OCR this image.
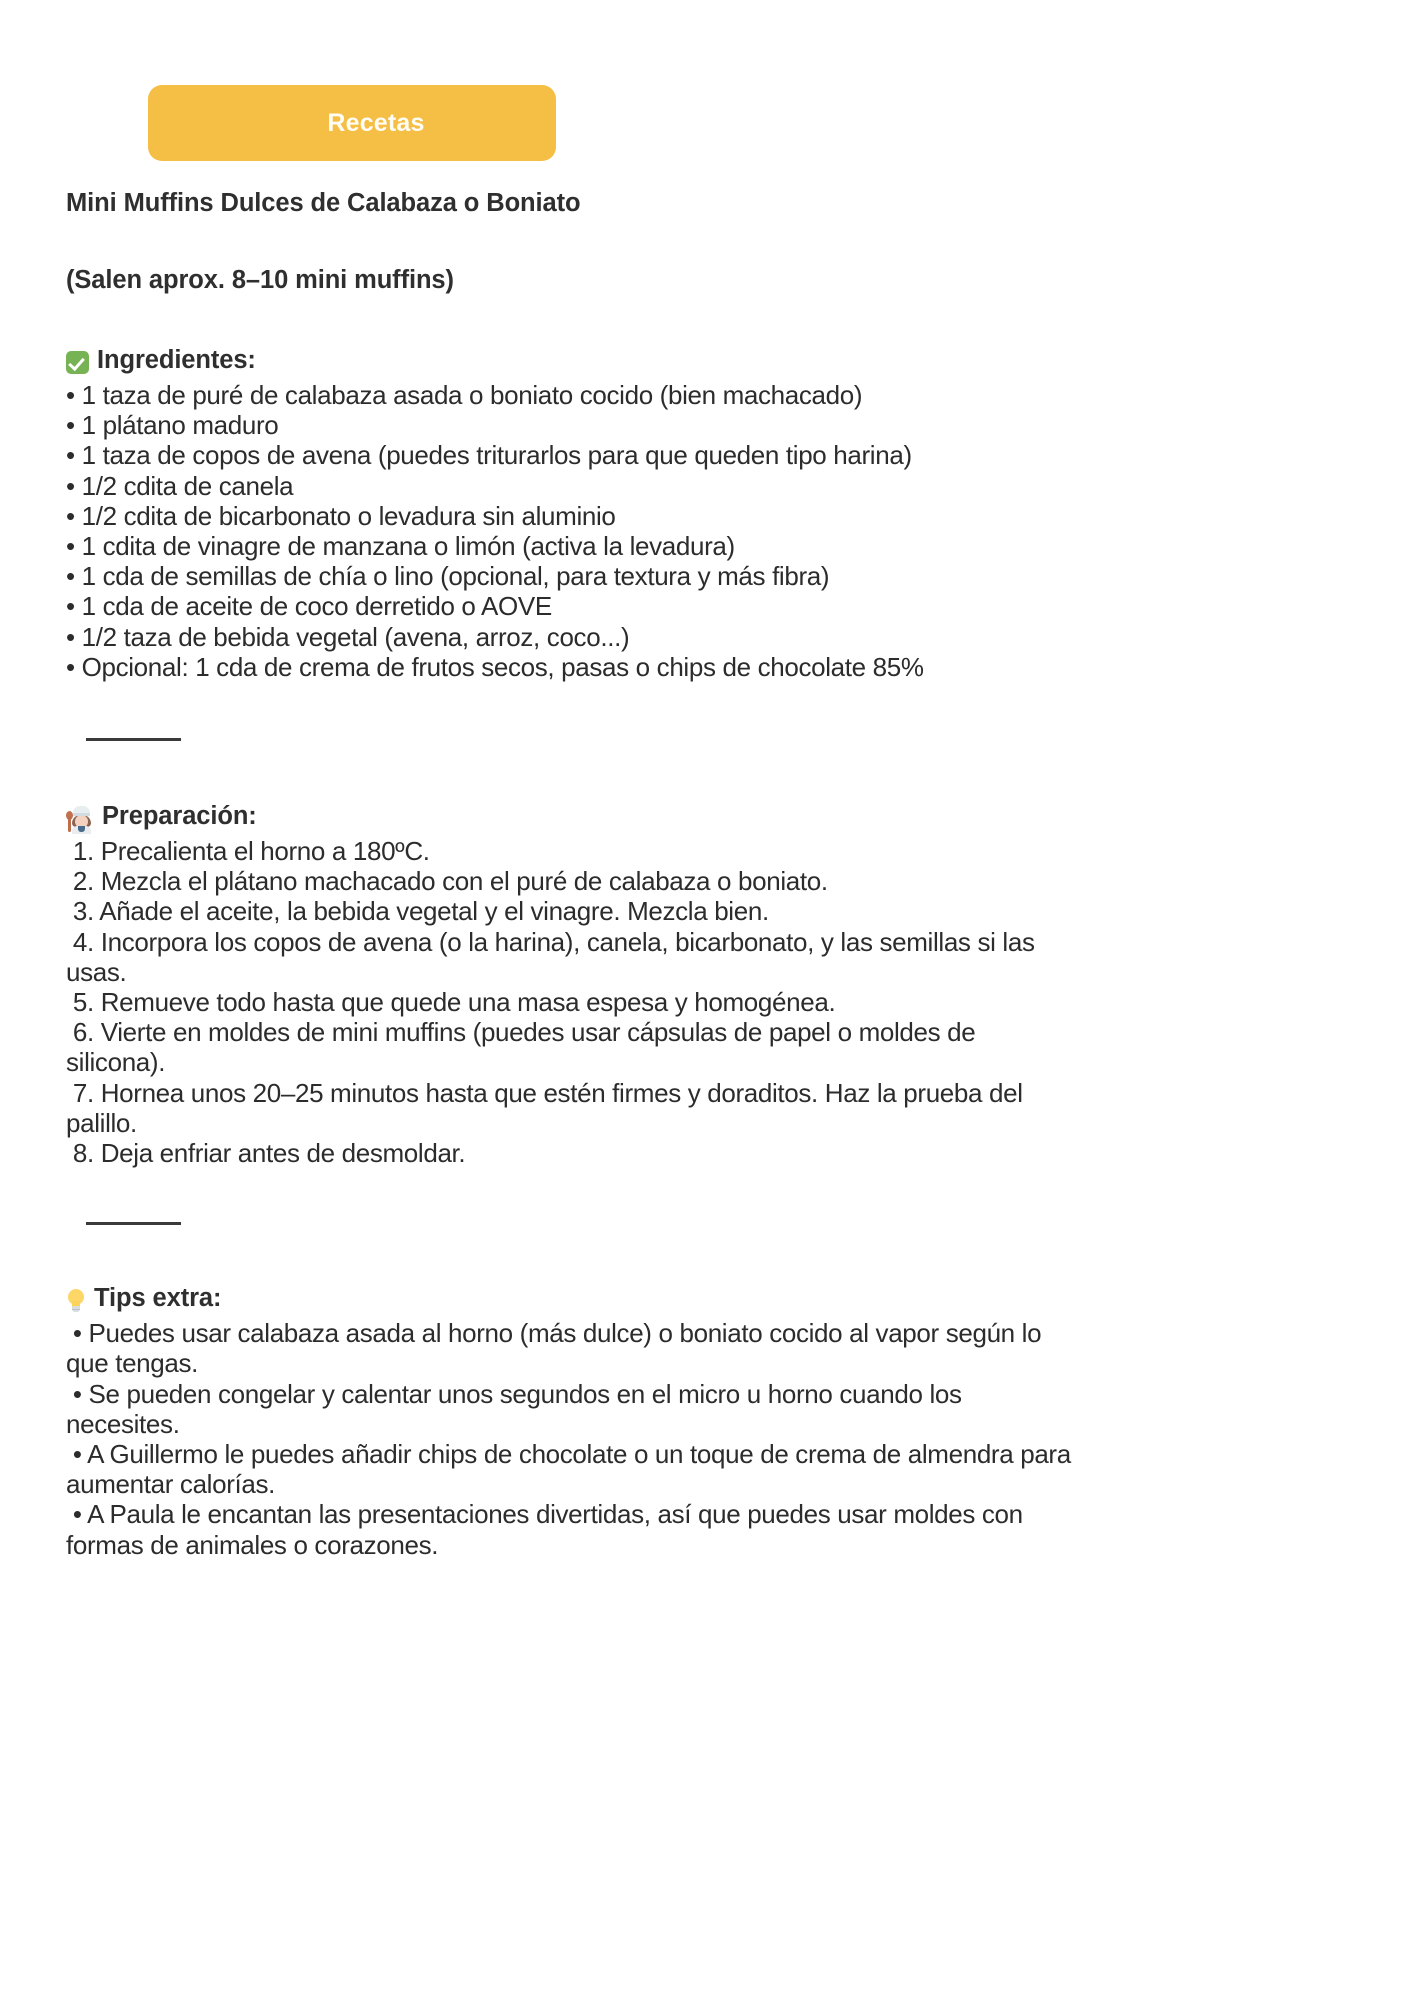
Recetas
Mini Muffins Dulces de Calabaza o Boniato
(Salen aprox. 8–10 mini muffins)
Ingredientes:
• 1 taza de puré de calabaza asada o boniato cocido (bien machacado)
• 1 plátano maduro
• 1 taza de copos de avena (puedes triturarlos para que queden tipo harina)
• 1/2 cdita de canela
• 1/2 cdita de bicarbonato o levadura sin aluminio
• 1 cdita de vinagre de manzana o limón (activa la levadura)
• 1 cda de semillas de chía o lino (opcional, para textura y más fibra)
• 1 cda de aceite de coco derretido o AOVE
• 1/2 taza de bebida vegetal (avena, arroz, coco...)
• Opcional: 1 cda de crema de frutos secos, pasas o chips de chocolate 85%
Preparación:
1. Precalienta el horno a 180ºC.
2. Mezcla el plátano machacado con el puré de calabaza o boniato.
3. Añade el aceite, la bebida vegetal y el vinagre. Mezcla bien.
4. Incorpora los copos de avena (o la harina), canela, bicarbonato, y las semillas si las usas.
5. Remueve todo hasta que quede una masa espesa y homogénea.
6. Vierte en moldes de mini muffins (puedes usar cápsulas de papel o moldes de silicona).
7. Hornea unos 20–25 minutos hasta que estén firmes y doraditos. Haz la prueba del palillo.
8. Deja enfriar antes de desmoldar.
Tips extra:
• Puedes usar calabaza asada al horno (más dulce) o boniato cocido al vapor según lo que tengas.
• Se pueden congelar y calentar unos segundos en el micro u horno cuando los necesites.
• A Guillermo le puedes añadir chips de chocolate o un toque de crema de almendra para aumentar calorías.
• A Paula le encantan las presentaciones divertidas, así que puedes usar moldes con formas de animales o corazones.
